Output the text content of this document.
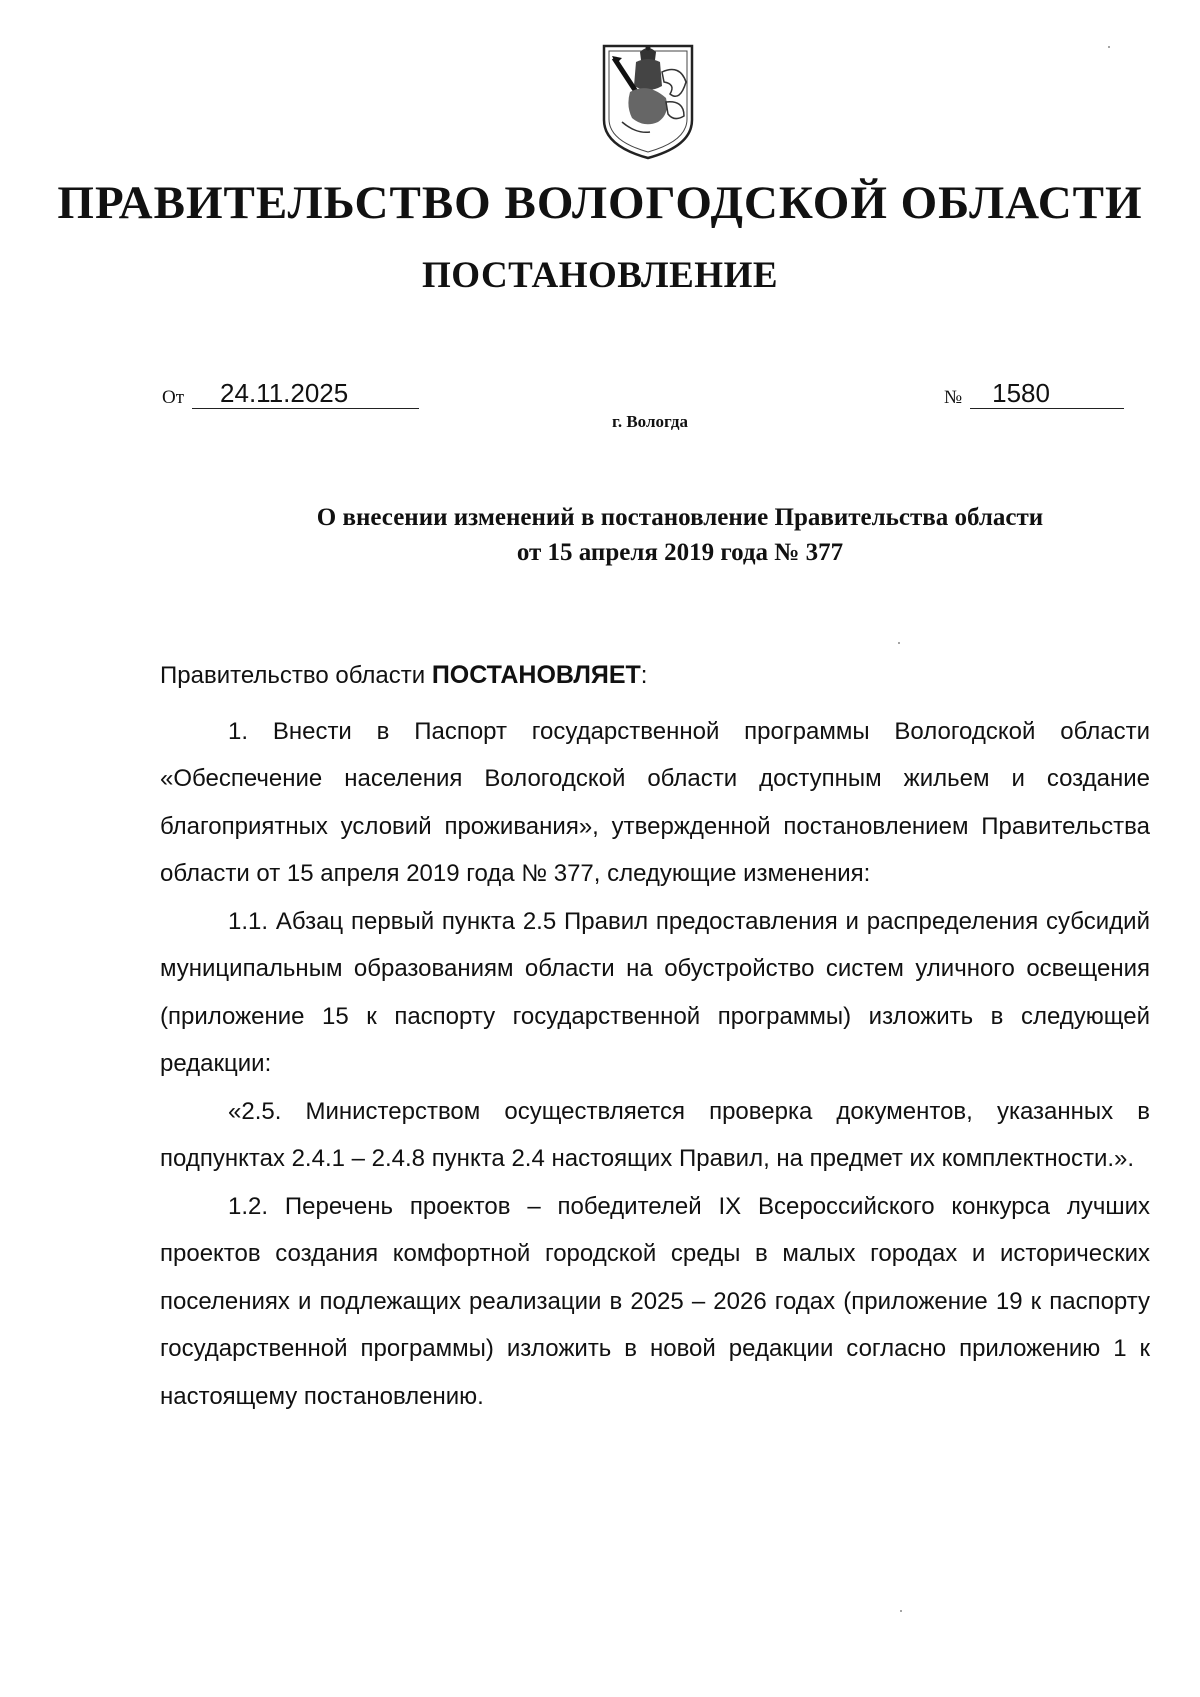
ПРАВИТЕЛЬСТВО ВОЛОГОДСКОЙ ОБЛАСТИ
ПОСТАНОВЛЕНИЕ
От	24.11.2025	№	1580
г. Вологда
О внесении изменений в постановление Правительства области
от 15 апреля 2019 года № 377

Правительство области ПОСТАНОВЛЯЕТ:

1. Внести в Паспорт государственной программы Вологодской области «Обеспечение населения Вологодской области доступным жильем и создание благоприятных условий проживания», утвержденной постановлением Правительства области от 15 апреля 2019 года № 377, следующие изменения:

1.1. Абзац первый пункта 2.5 Правил предоставления и распределения субсидий муниципальным образованиям области на обустройство систем уличного освещения (приложение 15 к паспорту государственной программы) изложить в следующей редакции:

«2.5. Министерством осуществляется проверка документов, указанных в подпунктах 2.4.1 – 2.4.8 пункта 2.4 настоящих Правил, на предмет их комплектности.».

1.2. Перечень проектов – победителей IX Всероссийского конкурса лучших проектов создания комфортной городской среды в малых городах и исторических поселениях и подлежащих реализации в 2025 – 2026 годах (приложение 19 к паспорту государственной программы) изложить в новой редакции согласно приложению 1 к настоящему постановлению.
